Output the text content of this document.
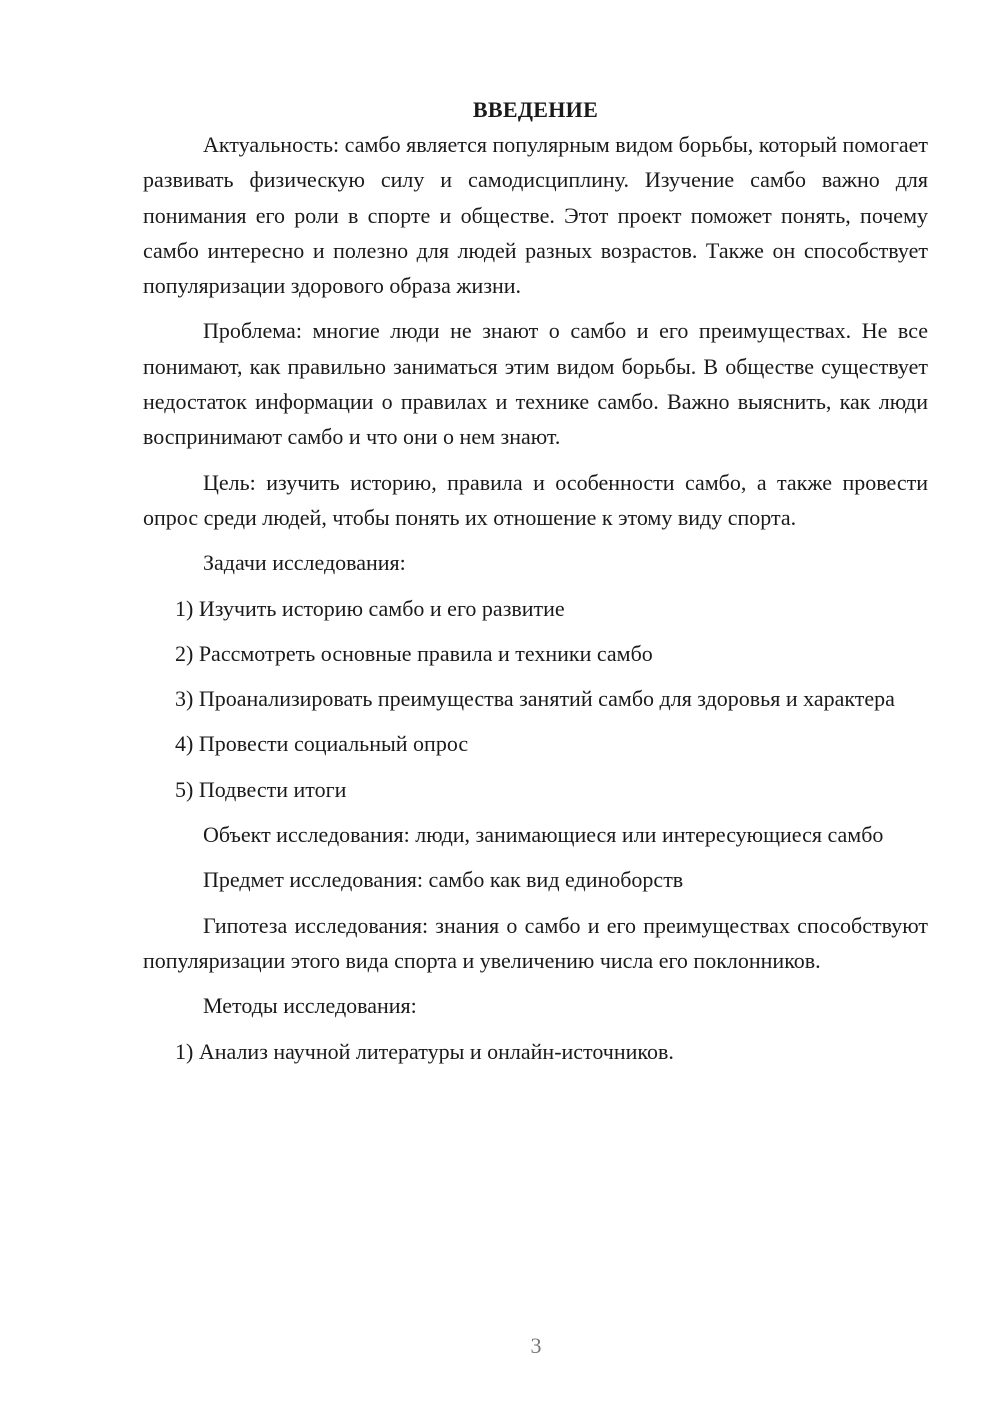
ВВЕДЕНИЕ

Актуальность: самбо является популярным видом борьбы, который помогает развивать физическую силу и самодисциплину. Изучение самбо важно для понимания его роли в спорте и обществе. Этот проект поможет понять, почему самбо интересно и полезно для людей разных возрастов. Также он способствует популяризации здорового образа жизни.

Проблема: многие люди не знают о самбо и его преимуществах. Не все понимают, как правильно заниматься этим видом борьбы. В обществе существует недостаток информации о правилах и технике самбо. Важно выяснить, как люди воспринимают самбо и что они о нем знают.

Цель: изучить историю, правила и особенности самбо, а также провести опрос среди людей, чтобы понять их отношение к этому виду спорта.

Задачи исследования:

1) Изучить историю самбо и его развитие

2) Рассмотреть основные правила и техники самбо

3) Проанализировать преимущества занятий самбо для здоровья и характера

4) Провести социальный опрос

5) Подвести итоги

Объект исследования: люди, занимающиеся или интересующиеся самбо

Предмет исследования: самбо как вид единоборств

Гипотеза исследования: знания о самбо и его преимуществах способствуют популяризации этого вида спорта и увеличению числа его поклонников.

Методы исследования:

1) Анализ научной литературы и онлайн-источников.

3
